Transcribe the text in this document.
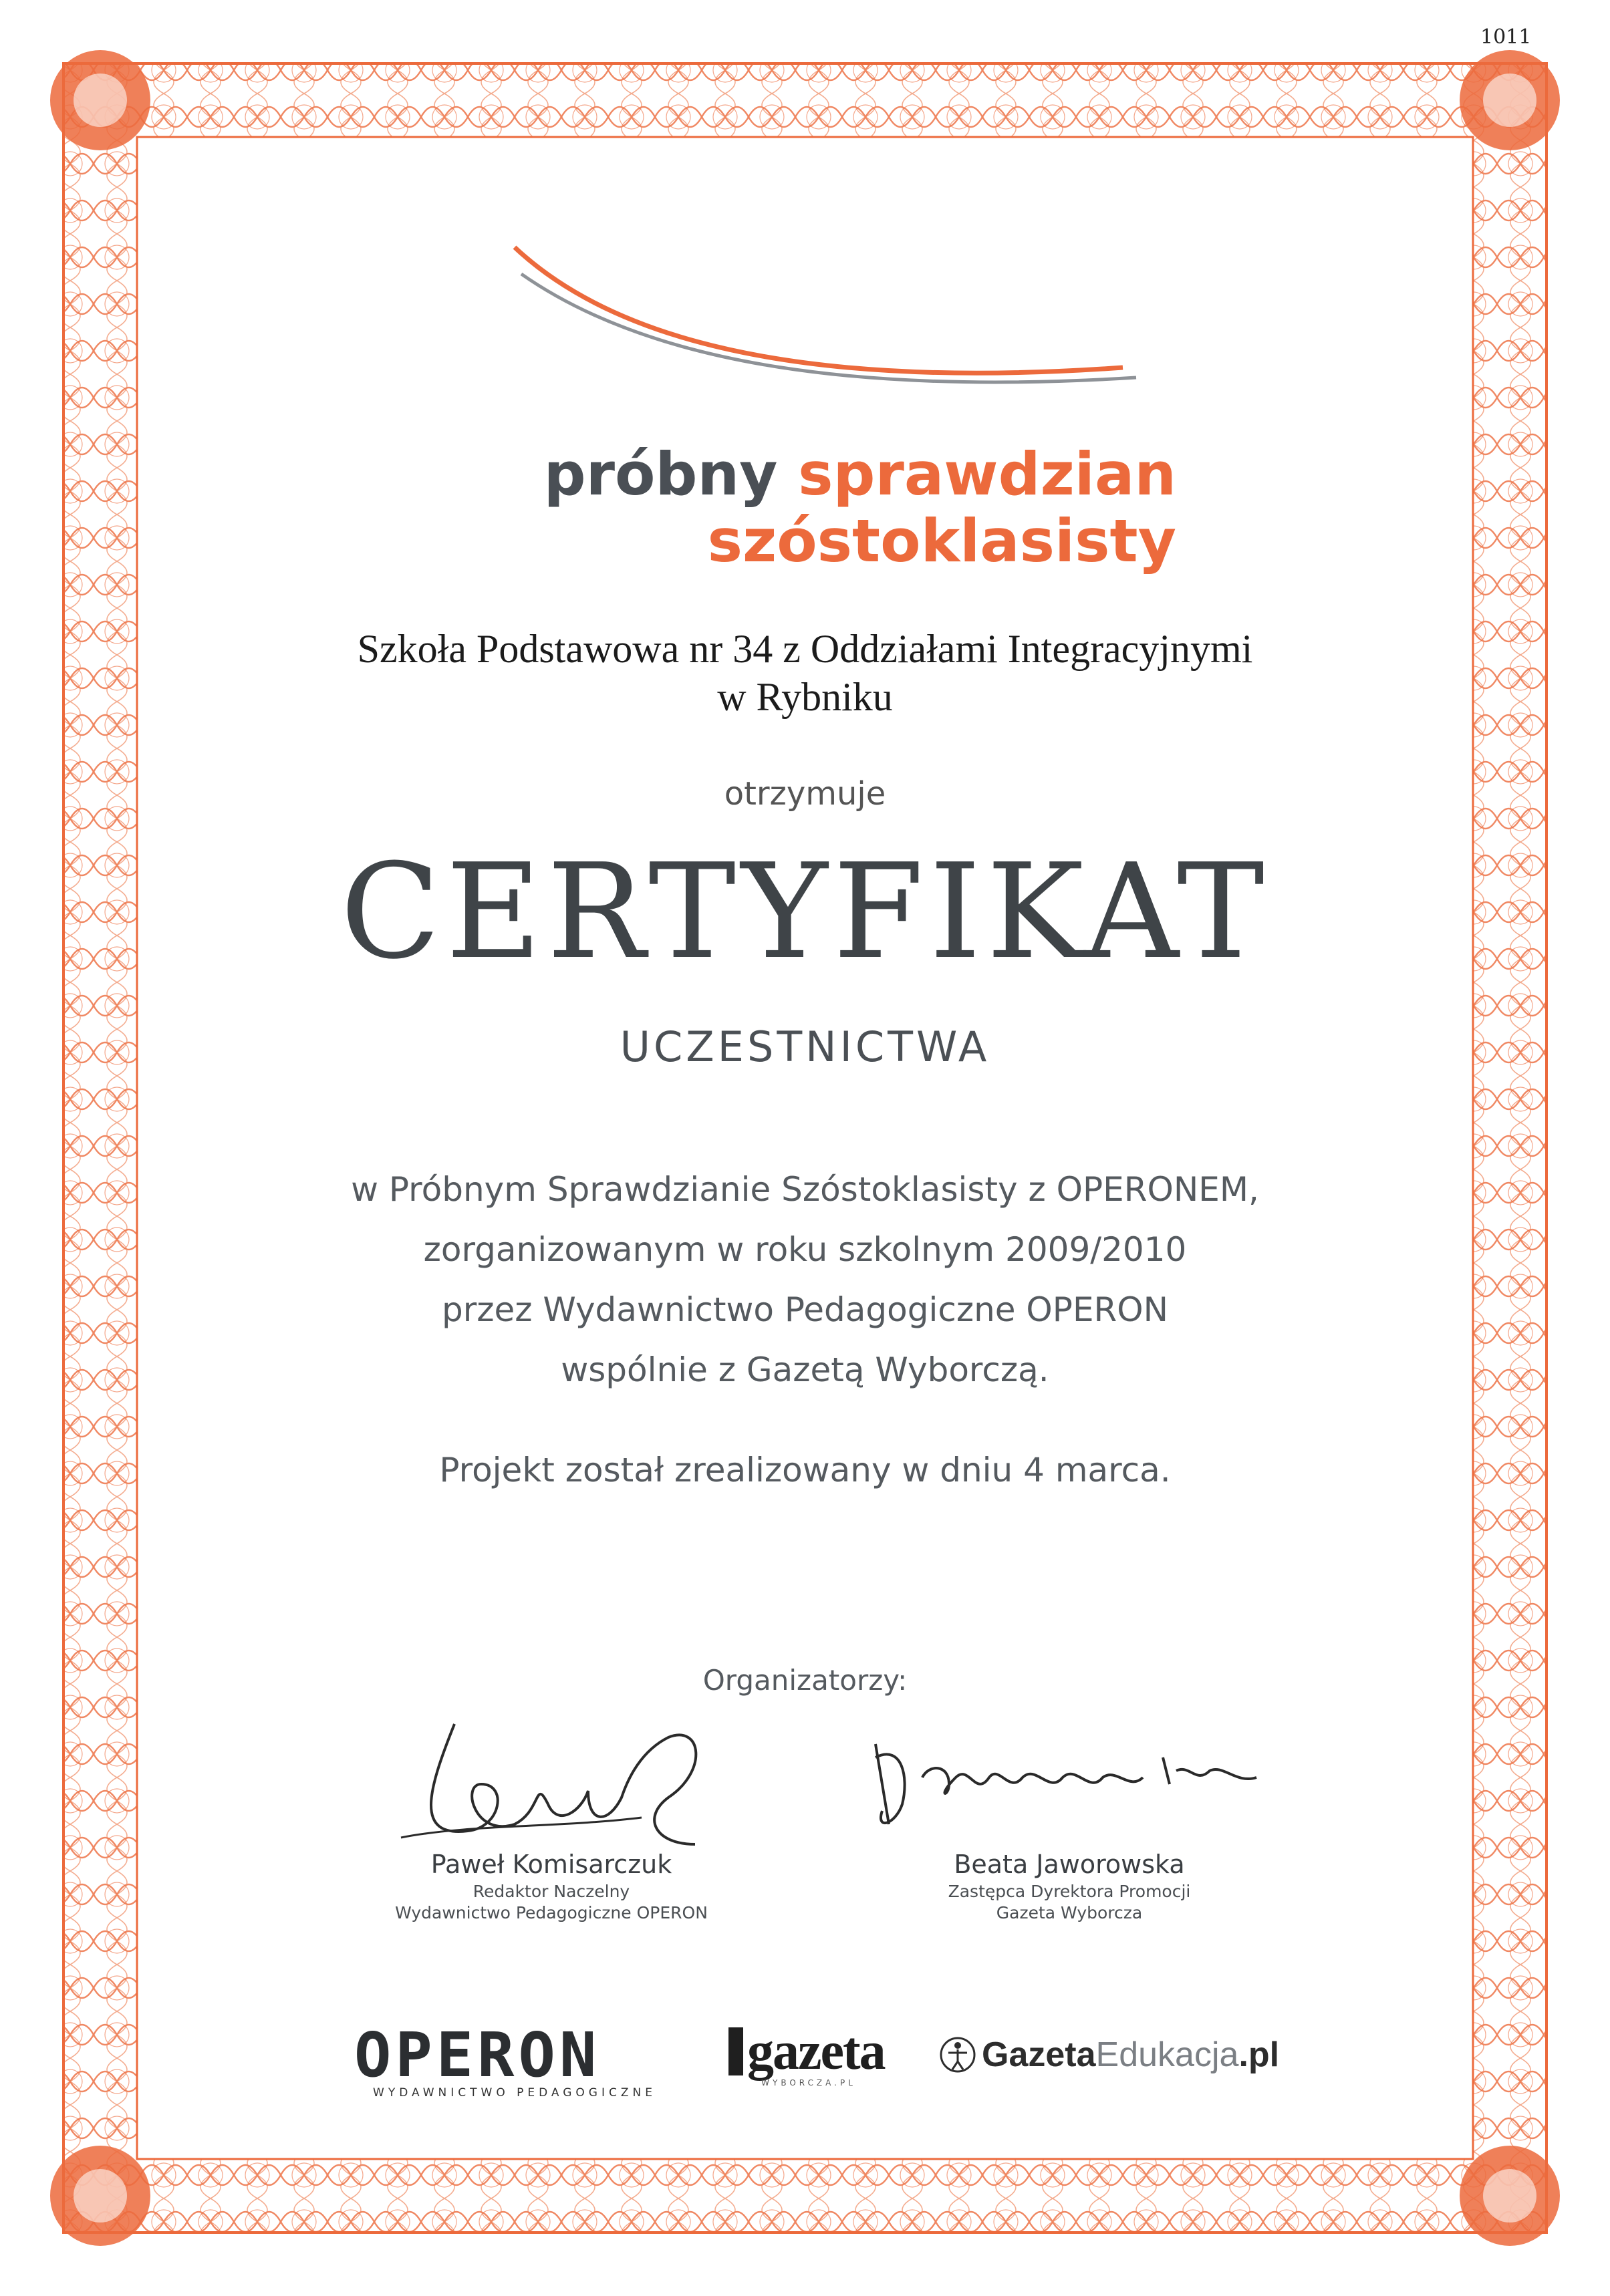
1011
próbny sprawdzian
szóstoklasisty
Szkoła Podstawowa nr 34 z Oddziałami Integracyjnymi
w Rybniku
otrzymuje
CERTYFIKAT
UCZESTNICTWA
w Próbnym Sprawdzianie Szóstoklasisty z OPERONEM,
zorganizowanym w roku szkolnym 2009/2010
przez Wydawnictwo Pedagogiczne OPERON
wspólnie z Gazetą Wyborczą.
Projekt został zrealizowany w dniu 4 marca.
Organizatorzy:
Paweł Komisarczuk
Redaktor Naczelny
Wydawnictwo Pedagogiczne OPERON
Beata Jaworowska
Zastępca Dyrektora Promocji
Gazeta Wyborcza
OPERON
WYDAWNICTWO PEDAGOGICZNE
gazeta
WYBORCZA.PL
GazetaEdukacja.pl
